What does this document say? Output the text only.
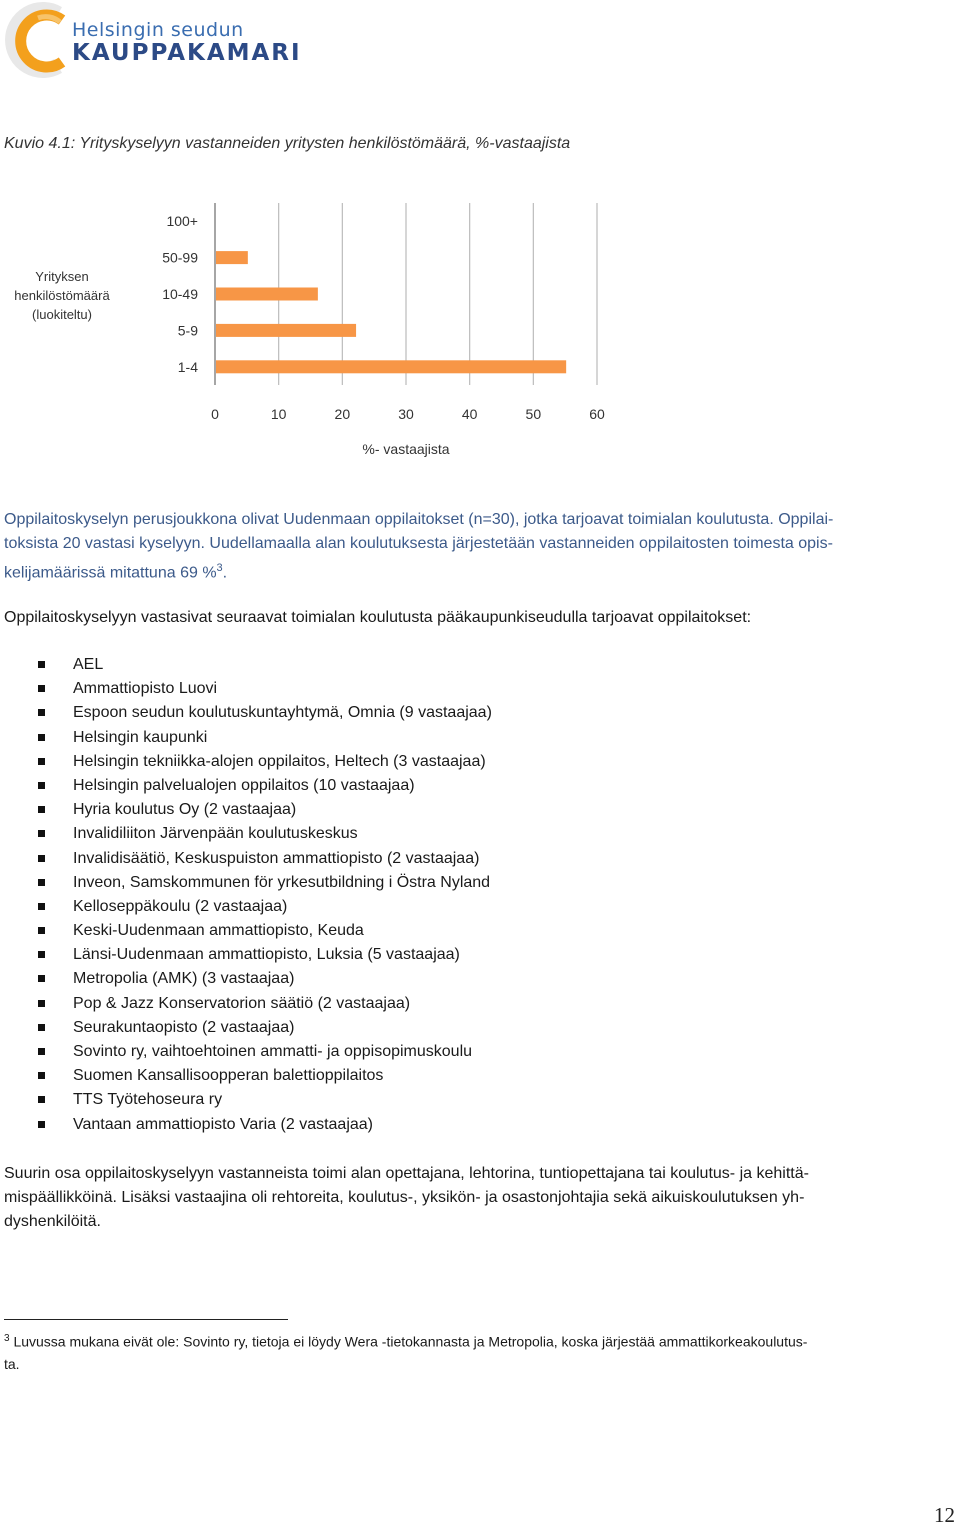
Helsingin seudun
KAUPPAKAMARI
Kuvio 4.1: Yrityskyselyyn vastanneiden yritysten henkilöstömäärä, %-vastaajista
Yrityksen
henkilöstömäärä
(luokiteltu)
1-4
5-9
10-49
50-99
100+
0	10	20	30	40	50	60
%- vastaajista
Oppilaitoskyselyn perusjoukkona olivat Uudenmaan oppilaitokset (n=30), jotka tarjoavat toimialan koulutusta. Oppilai-
toksista 20 vastasi kyselyyn. Uudellamaalla alan koulutuksesta järjestetään vastanneiden oppilaitosten toimesta opis-
kelijamäärissä mitattuna 69 %$^3$.
Oppilaitoskyselyyn vastasivat seuraavat toimialan koulutusta pääkaupunkiseudulla tarjoavat oppilaitokset:
AEL
Ammattiopisto Luovi
Espoon seudun koulutuskuntayhtymä, Omnia (9 vastaajaa)
Helsingin kaupunki
Helsingin tekniikka-alojen oppilaitos, Heltech (3 vastaajaa)
Helsingin palvelualojen oppilaitos (10 vastaajaa)
Hyria koulutus Oy (2 vastaajaa)
Invalidiliiton Järvenpään koulutuskeskus
Invalidisäätiö, Keskuspuiston ammattiopisto (2 vastaajaa)
Inveon, Samskommunen för yrkesutbildning i Östra Nyland
Kelloseppäkoulu (2 vastaajaa)
Keski-Uudenmaan ammattiopisto, Keuda
Länsi-Uudenmaan ammattiopisto, Luksia (5 vastaajaa)
Metropolia (AMK) (3 vastaajaa)
Pop & Jazz Konservatorion säätiö (2 vastaajaa)
Seurakuntaopisto (2 vastaajaa)
Sovinto ry, vaihtoehtoinen ammatti- ja oppisopimuskoulu
Suomen Kansallisoopperan balettioppilaitos
TTS Työtehoseura ry
Vantaan ammattiopisto Varia (2 vastaajaa)
Suurin osa oppilaitoskyselyyn vastanneista toimi alan opettajana, lehtorina, tuntiopettajana tai koulutus- ja kehittä-
mispäällikköinä. Lisäksi vastaajina oli rehtoreita, koulutus-, yksikön- ja osastonjohtajia sekä aikuiskoulutuksen yh-
dyshenkilöitä.
$^3$ Luvussa mukana eivät ole: Sovinto ry, tietoja ei löydy Wera -tietokannasta ja Metropolia, koska järjestää ammattikorkeakoulutus-
ta.
12
